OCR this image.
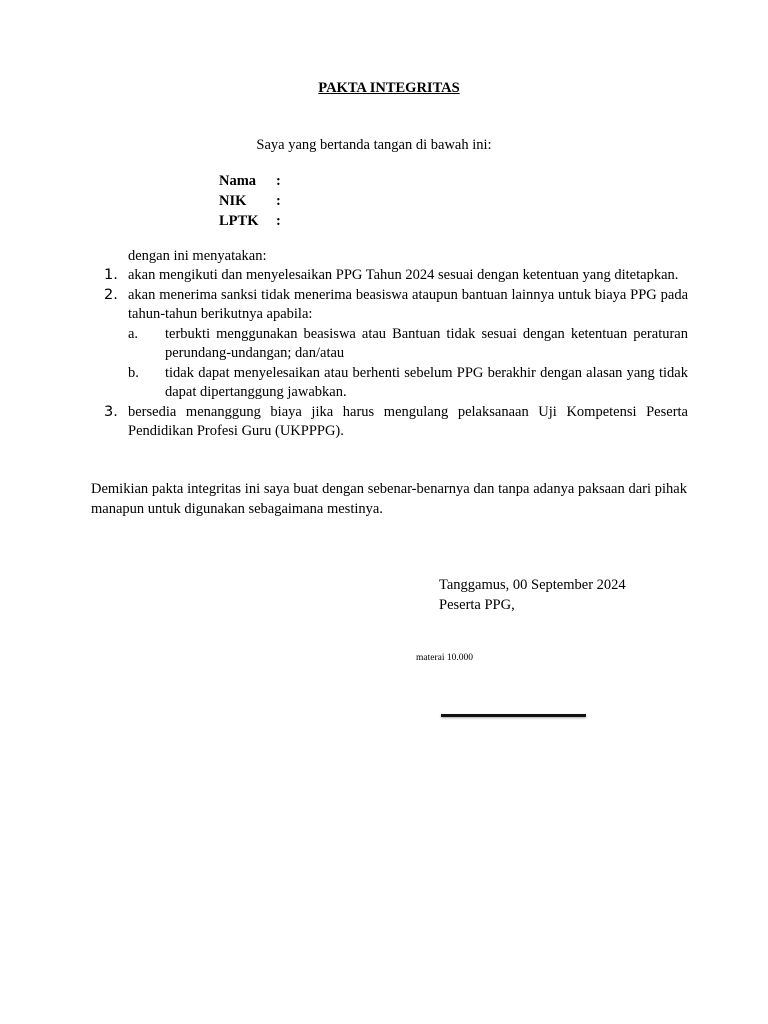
PAKTA INTEGRITAS
Saya yang bertanda tangan di bawah ini:
Nama :
NIK :
LPTK :
dengan ini menyatakan:
1. akan mengikuti dan menyelesaikan PPG Tahun 2024 sesuai dengan ketentuan yang ditetapkan.
2. akan menerima sanksi tidak menerima beasiswa ataupun bantuan lainnya untuk biaya PPG pada tahun-tahun berikutnya apabila:
a. terbukti menggunakan beasiswa atau Bantuan tidak sesuai dengan ketentuan peraturan perundang-undangan; dan/atau
b. tidak dapat menyelesaikan atau berhenti sebelum PPG berakhir dengan alasan yang tidak dapat dipertanggung jawabkan.
3. bersedia menanggung biaya jika harus mengulang pelaksanaan Uji Kompetensi Peserta Pendidikan Profesi Guru (UKPPPG).
Demikian pakta integritas ini saya buat dengan sebenar-benarnya dan tanpa adanya paksaan dari pihak manapun untuk digunakan sebagaimana mestinya.
Tanggamus, 00 September 2024
Peserta PPG,
materai 10.000
